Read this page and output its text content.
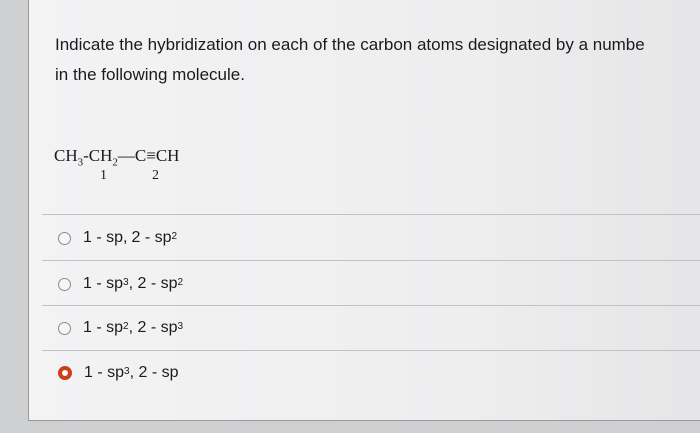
Indicate the hybridization on each of the carbon atoms designated by a numbe
in the following molecule.
$CH_3-CH_2—C\equiv CH$
1	2
1 - sp, $2 - sp^2$
$1 - sp^3$ , $2 - sp^2$
$1 - sp^2$ , $2 - sp^3$
$1 - sp^3$ , 2 - sp
